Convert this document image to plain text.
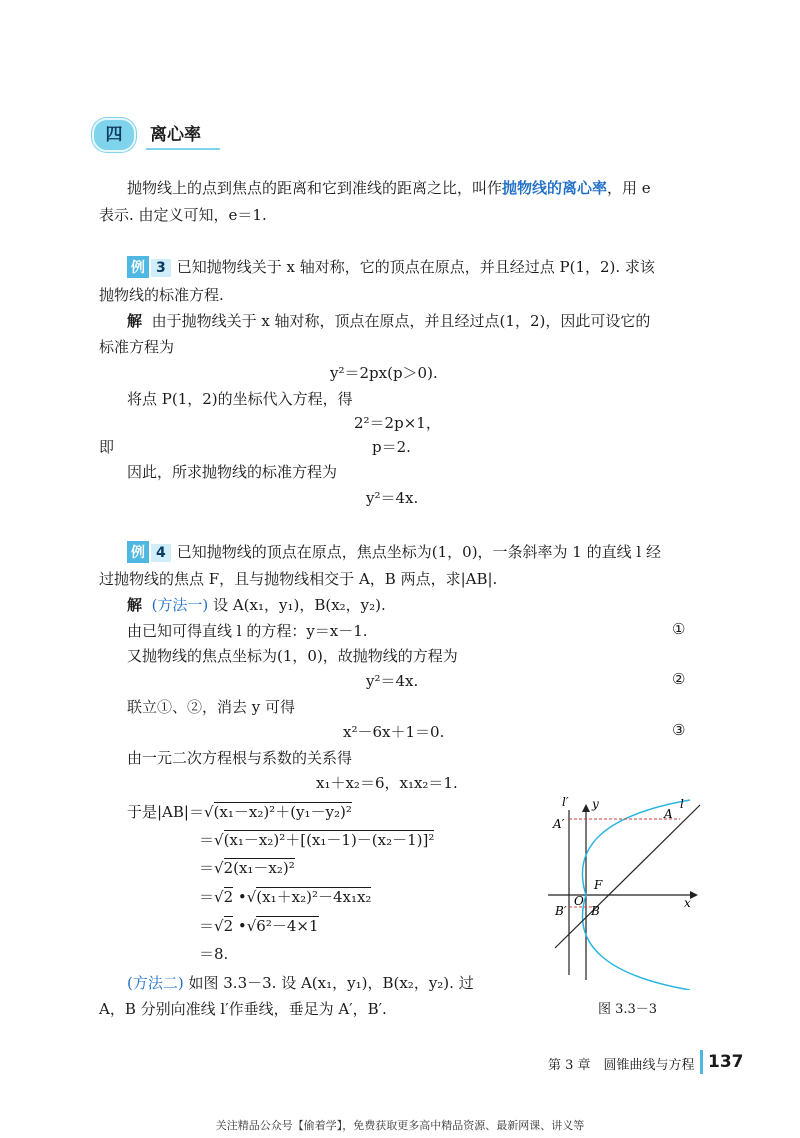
四	离心率
抛物线上的点到焦点的距离和它到准线的距离之比，叫作抛物线的离心率，用 e
表示. 由定义可知，e＝1.
例 3 已知抛物线关于 x 轴对称，它的顶点在原点，并且经过点 P(1，2). 求该
抛物线的标准方程.
解 由于抛物线关于 x 轴对称，顶点在原点，并且经过点(1，2)，因此可设它的
标准方程为
y²＝2px(p＞0).
将点 P(1，2)的坐标代入方程，得
2²＝2p×1，
即	p＝2.
因此，所求抛物线的标准方程为
y²＝4x.
例 4 已知抛物线的顶点在原点，焦点坐标为(1，0)，一条斜率为 1 的直线 l 经
过抛物线的焦点 F，且与抛物线相交于 A，B 两点，求|AB|.
解 (方法一) 设 A(x₁，y₁)，B(x₂，y₂).
由已知可得直线 l 的方程：y＝x－1.	①
又抛物线的焦点坐标为(1，0)，故抛物线的方程为
y²＝4x.	②
联立①、②，消去 y 可得
x²－6x＋1＝0.	③
由一元二次方程根与系数的关系得
x₁＋x₂＝6，x₁x₂＝1.
于是|AB|＝√(x₁－x₂)²＋(y₁－y₂)²
＝√(x₁－x₂)²＋[(x₁－1)－(x₂－1)]²
＝√2(x₁－x₂)²
＝√2 •√(x₁＋x₂)²－4x₁x₂
＝√2 •√6²－4×1
＝8.
(方法二) 如图 3.3－3. 设 A(x₁，y₁)，B(x₂，y₂). 过
A，B 分别向准线 l′作垂线，垂足为 A′，B′.
l′ y	l
A
A′
F
O
B
B′
x
图 3.3－3
第 3 章　圆锥曲线与方程 137
关注精品公众号【偷着学】，免费获取更多高中精品资源、最新网课、讲义等
